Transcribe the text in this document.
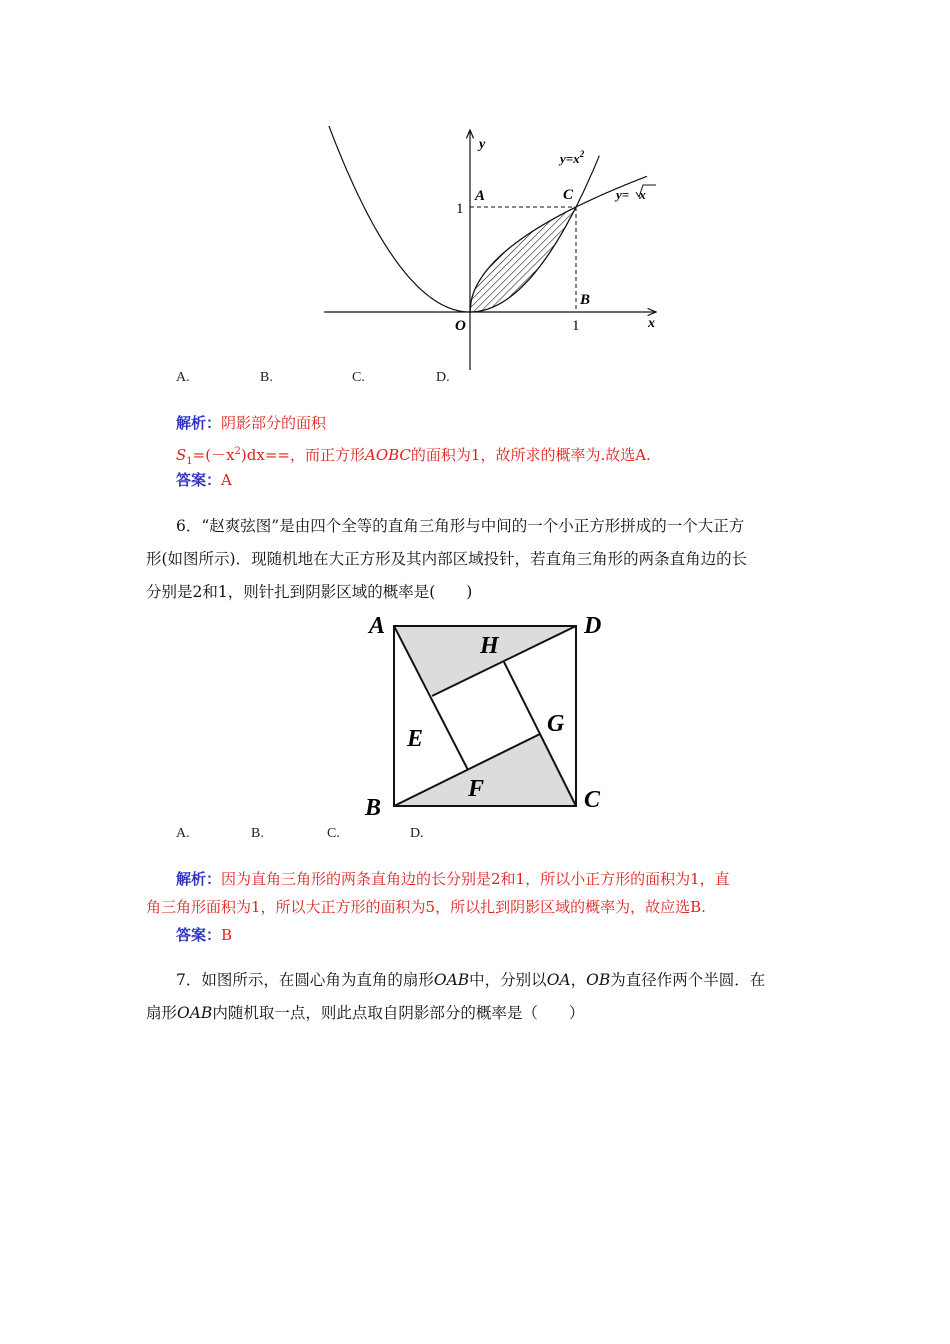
y
x
O	1
1
A
B
C
$y=x^2$
y= x
A.	B.	C.	D.
解析：阴影部分的面积
$S_1=(-x^2)dx==$，而正方形AOBC的面积为1，故所求的概率为.故选A.
答案：A
6．“赵爽弦图”是由四个全等的直角三角形与中间的一个小正方形拼成的一个大正方
形(如图所示)．现随机地在大正方形及其内部区域投针，若直角三角形的两条直角边的长
分别是2和1，则针扎到阴影区域的概率是(　　)
A	D
B	C
H
E
G
F
A.	B.	C.	D.
解析：因为直角三角形的两条直角边的长分别是2和1，所以小正方形的面积为1，直
角三角形面积为1，所以大正方形的面积为5，所以扎到阴影区域的概率为，故应选B.
答案：B
7．如图所示，在圆心角为直角的扇形OAB中，分别以OA，OB为直径作两个半圆．在
扇形OAB内随机取一点，则此点取自阴影部分的概率是（　　）
